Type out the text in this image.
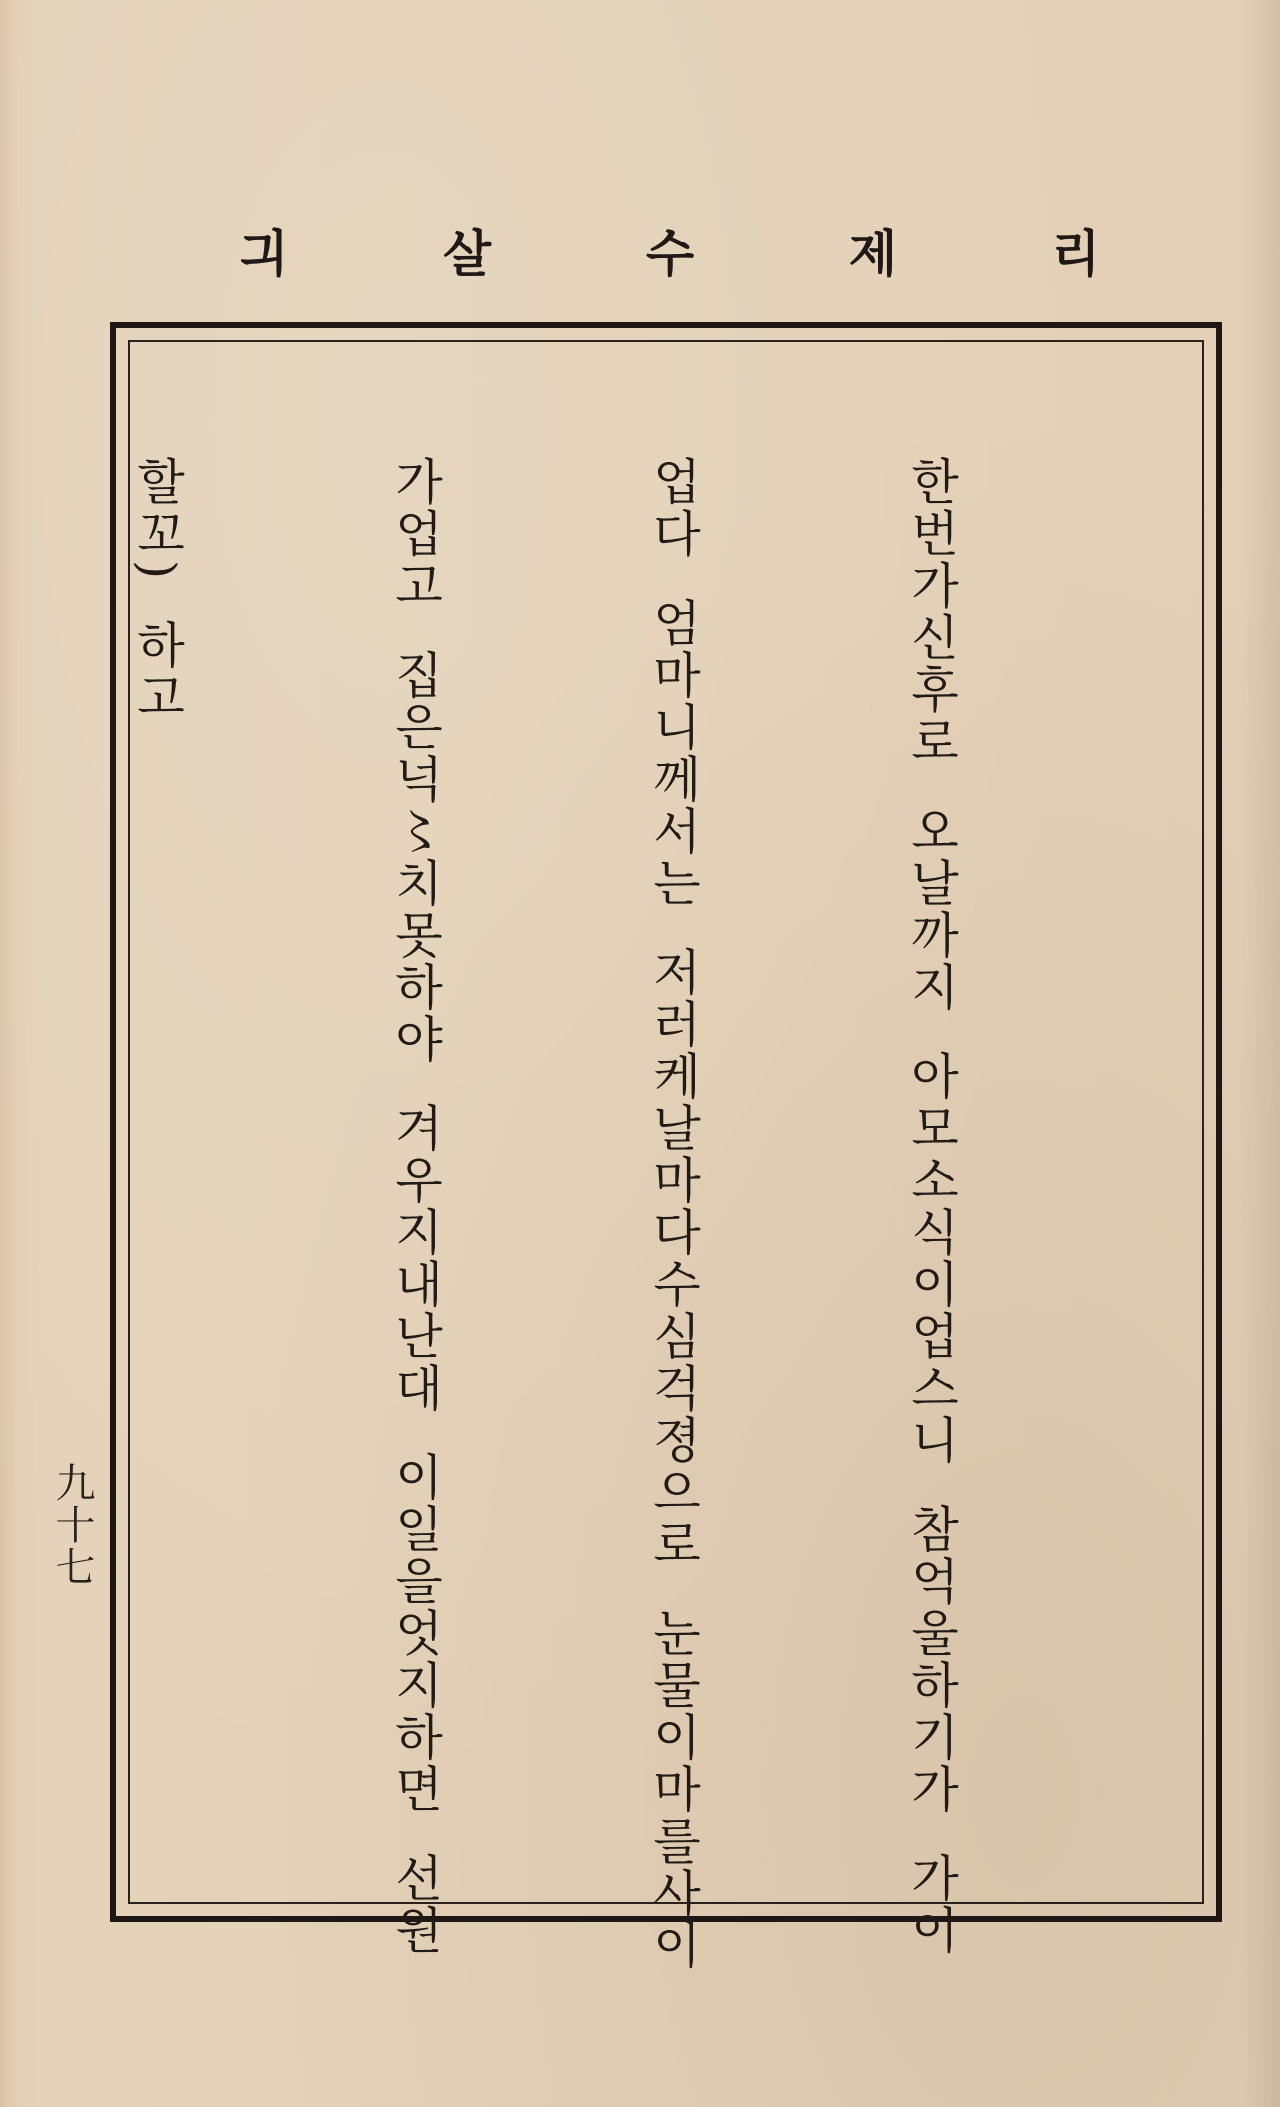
리
제
수
살
긔

한번가신후로  오날까지  아모소식이업스니  참억울하기가  가이

업다  엄마니께서는  저러케날마다수심걱졍으로  눈물이마를사이

가업고  집은넉〻치못하야  겨우지내난대  이일을엇지하면  선원

할꼬)  하고

九十七
